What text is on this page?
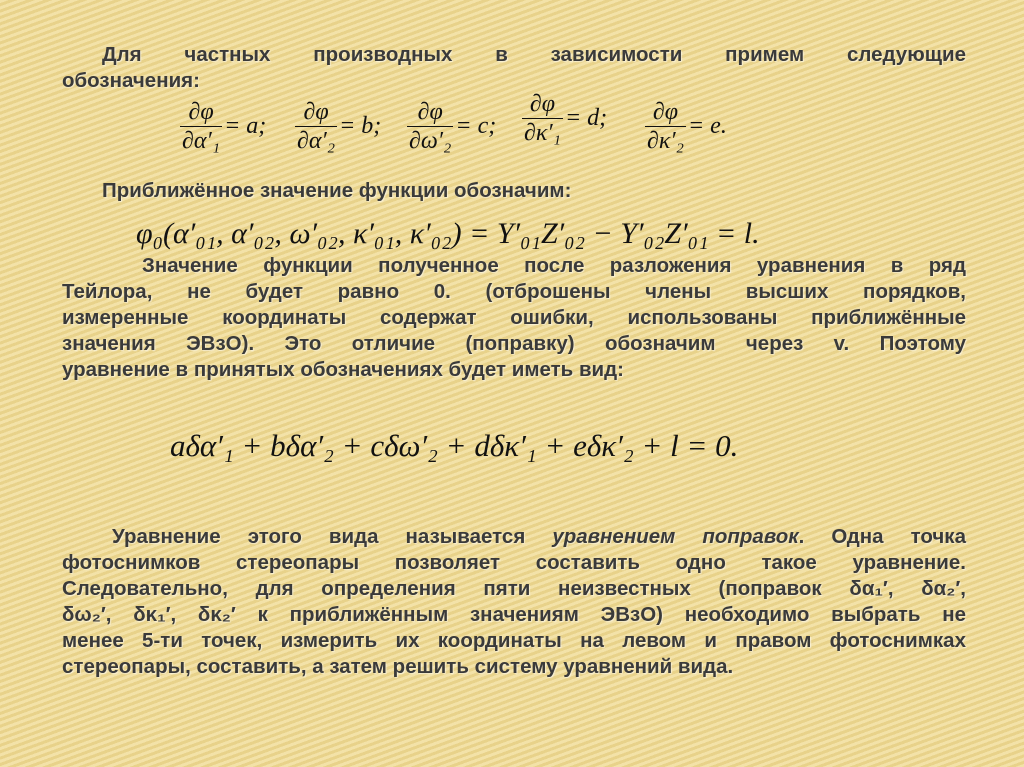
Для частных производных в зависимости примем следующие
обозначения:

$\frac{\partial\varphi}{\text{∂α′₁}} = a$; $\frac{\partial\varphi}{\text{∂α′₂}} = b$; $\frac{\partial\varphi}{\text{∂ω′₂}} = c$; $\frac{\partial\varphi}{\text{∂κ′₁}} = d$; $\frac{\partial\varphi}{\text{∂κ′₂}} = e$.

Приближённое значение функции обозначим:

φ₀(α′₀₁, α′₀₂, ω′₀₂, κ′₀₁, κ′₀₂) = Y′₀₁Z′₀₂ − Y′₀₂Z′₀₁ = l.

Значение функции полученное после разложения уравнения в ряд
Тейлора, не будет равно 0. (отброшены члены высших порядков,
измеренные координаты содержат ошибки, использованы приближённые
значения ЭВзО). Это отличие (поправку) обозначим через v. Поэтому
уравнение в принятых обозначениях будет иметь вид:

aδα′₁ + bδα′₂ + cδω′₂ + dδκ′₁ + eδκ′₂ + l = 0.

Уравнение этого вида называется уравнением поправок. Одна точка
фотоснимков стереопары позволяет составить одно такое уравнение.
Следовательно, для определения пяти неизвестных (поправок δα₁′, δα₂′,
δω₂′, δκ₁′, δκ₂′ к приближённым значениям ЭВзО) необходимо выбрать не
менее 5-ти точек, измерить их координаты на левом и правом фотоснимках
стереопары, составить, а затем решить систему уравнений вида.
